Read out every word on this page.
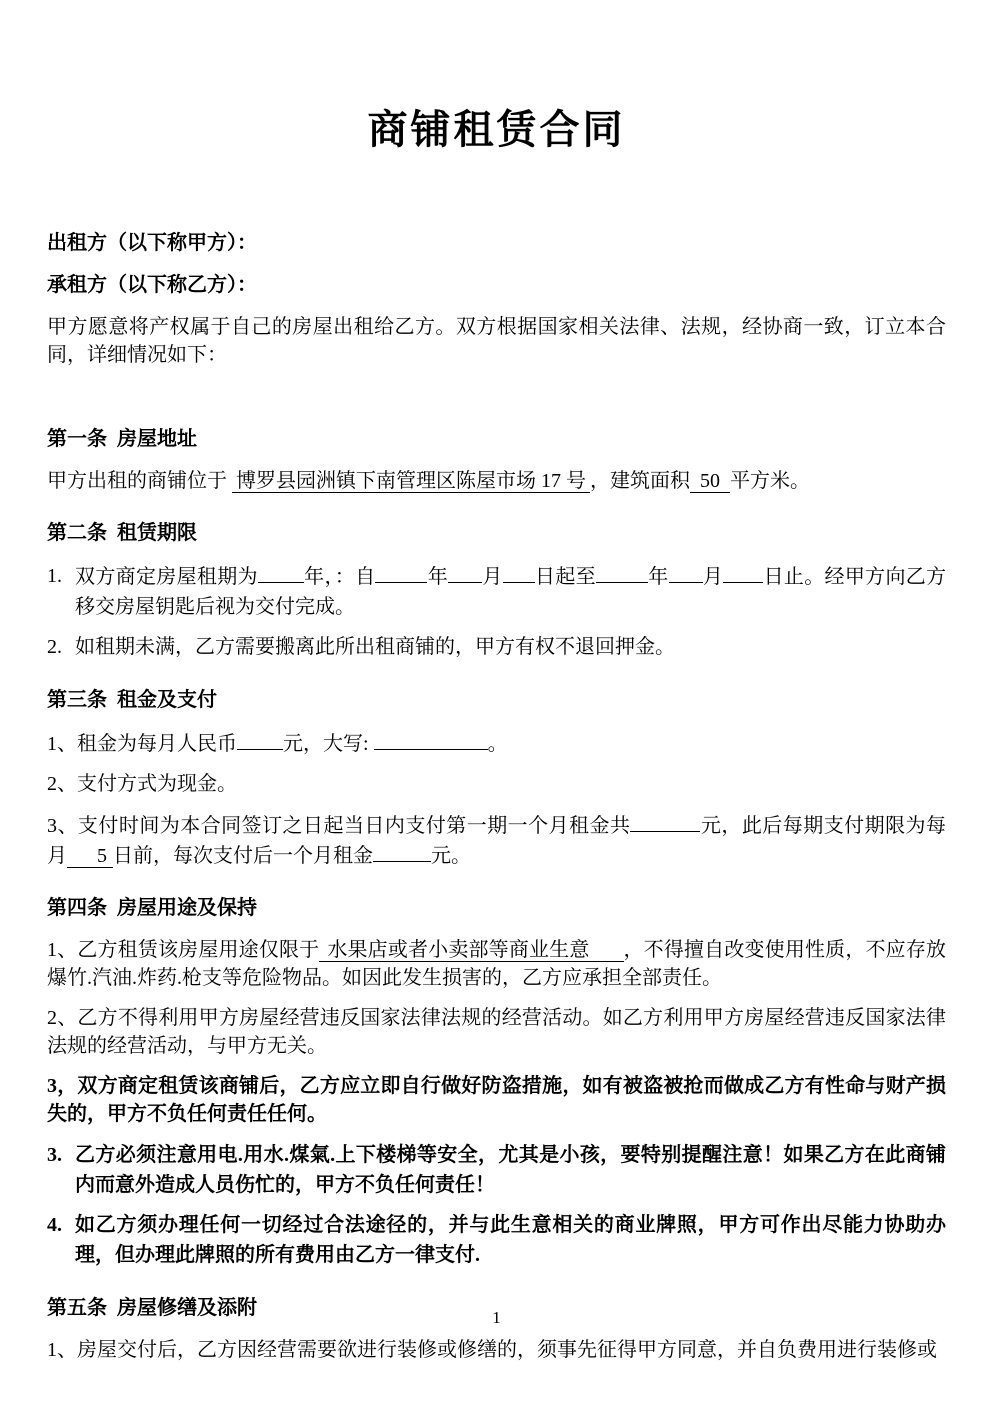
商铺租赁合同

出租方（以下称甲方）：

承租方（以下称乙方）：

甲方愿意将产权属于自己的房屋出租给乙方。双方根据国家相关法律、法规，经协商一致，订立本合同，详细情况如下：

第一条  房屋地址

甲方出租的商铺位于 博罗县园洲镇下南管理区陈屋市场 17 号 ，建筑面积 50 平方米。

第二条  租赁期限
1. 双方商定房屋租期为 年，：自	年 月 日起至	年 月 日止。经甲方向乙方移交房屋钥匙后视为交付完成。
2. 如租期未满，乙方需要搬离此所出租商铺的，甲方有权不退回押金。
第三条  租金及支付

1、租金为每月人民币 元，大写:	。

2、支付方式为现金。

3、支付时间为本合同签订之日起当日内支付第一期一个月租金共	元，此后每期支付期限为每月 5 日前，每次支付后一个月租金	元。

第四条  房屋用途及保持

1、乙方租赁该房屋用途仅限于 水果店或者小卖部等商业生意 ，不得擅自改变使用性质，不应存放爆竹.汽油.炸药.枪支等危险物品。如因此发生损害的，乙方应承担全部责任。

2、乙方不得利用甲方房屋经营违反国家法律法规的经营活动。如乙方利用甲方房屋经营违反国家法律法规的经营活动，与甲方无关。

3，双方商定租赁该商铺后，乙方应立即自行做好防盗措施，如有被盗被抢而做成乙方有性命与财产损失的，甲方不负任何责任任何。

3. 乙方必须注意用电.用水.煤氣.上下楼梯等安全，尤其是小孩，要特别提醒注意！如果乙方在此商铺内而意外造成人员伤忙的，甲方不负任何责任！
4. 如乙方须办理任何一切经过合法途径的，并与此生意相关的商业牌照，甲方可作出尽能力协助办理，但办理此牌照的所有费用由乙方一律支付.
第五条  房屋修缮及添附

1、房屋交付后，乙方因经营需要欲进行装修或修缮的，须事先征得甲方同意，并自负费用进行装修或

1
